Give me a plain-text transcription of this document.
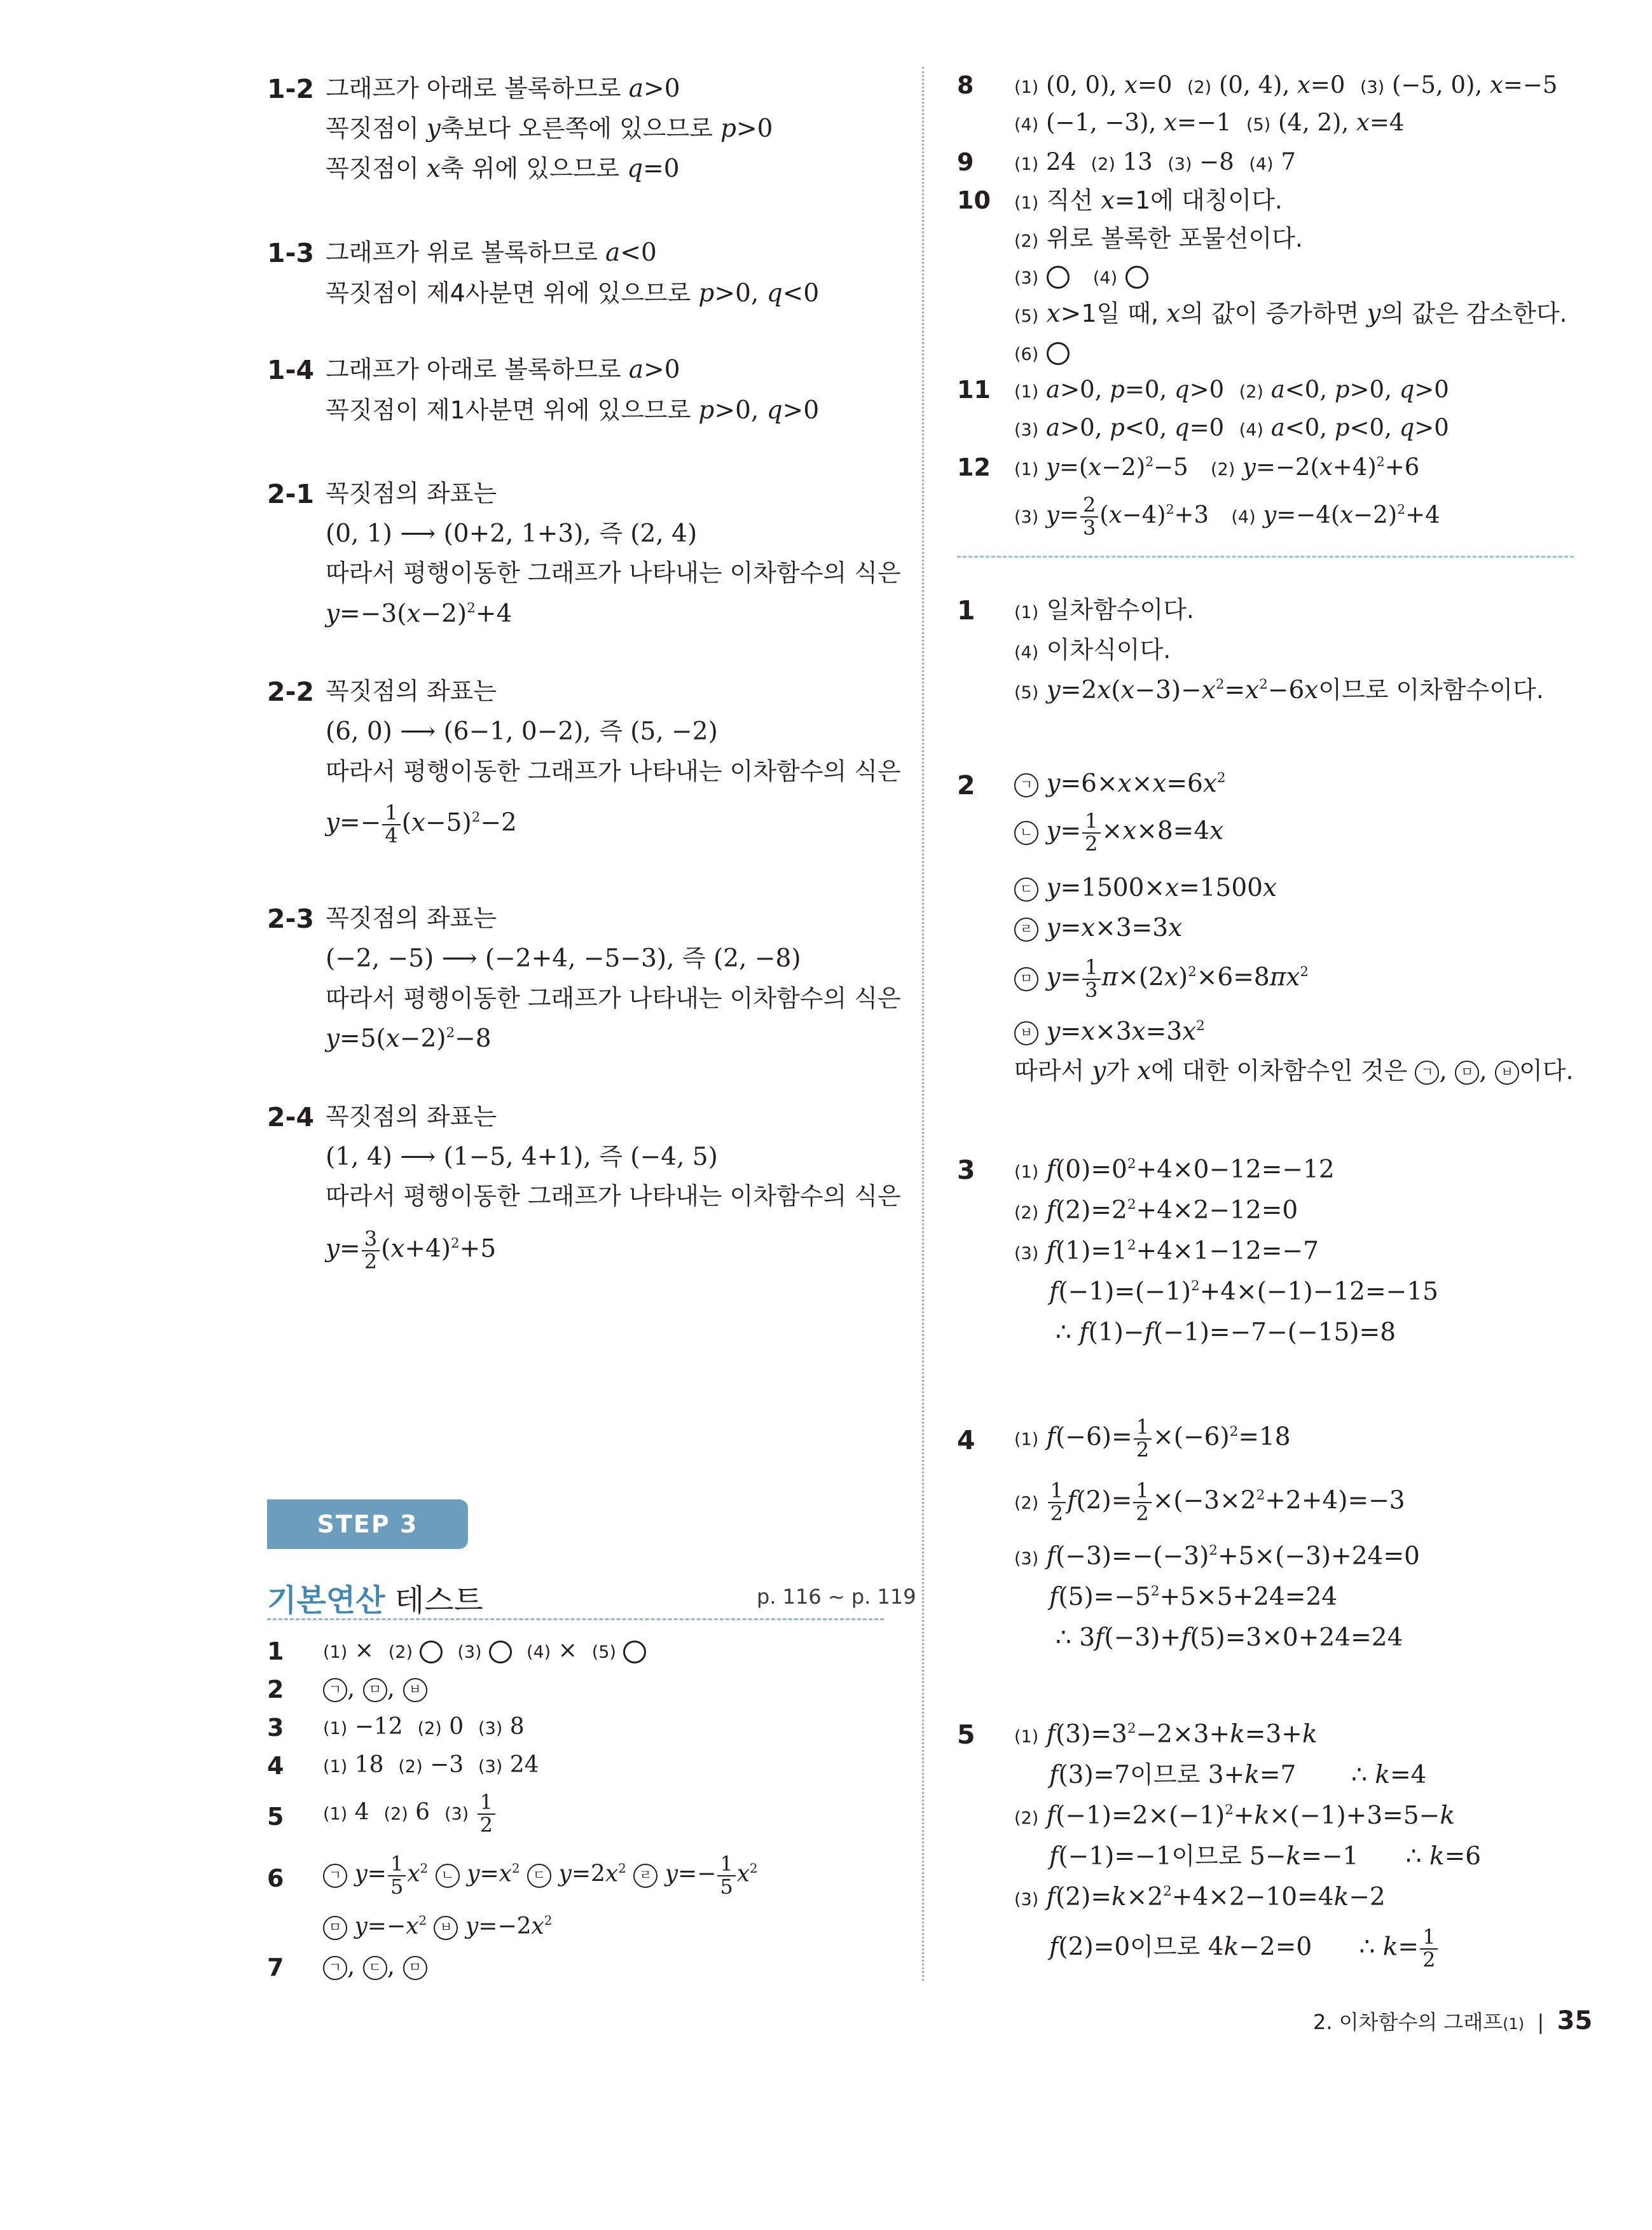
1-2 그래프가 아래로 볼록하므로 a>0
꼭짓점이 y축보다 오른쪽에 있으므로 p>0
꼭짓점이 x축 위에 있으므로 q=0
1-3 그래프가 위로 볼록하므로 a<0
꼭짓점이 제4사분면 위에 있으므로 p>0, q<0
1-4 그래프가 아래로 볼록하므로 a>0
꼭짓점이 제1사분면 위에 있으므로 p>0, q>0
2-1 꼭짓점의 좌표는
(0, 1) ⟶ (0+2, 1+3), 즉 (2, 4)
따라서 평행이동한 그래프가 나타내는 이차함수의 식은
$y=-3(x-2)^2+4$
2-2 꼭짓점의 좌표는
(6, 0) ⟶ (6−1, 0−2), 즉 (5, −2)
따라서 평행이동한 그래프가 나타내는 이차함수의 식은
$y=- \frac{1}{4} (x-5)^2-2$
2-3 꼭짓점의 좌표는
(−2, −5) ⟶ (−2+4, −5−3), 즉 (2, −8)
따라서 평행이동한 그래프가 나타내는 이차함수의 식은
$y=5(x-2)^2-8$
2-4 꼭짓점의 좌표는
(1, 4) ⟶ (1−5, 4+1), 즉 (−4, 5)
따라서 평행이동한 그래프가 나타내는 이차함수의 식은
$y= \frac{3}{2} (x+4)^2+5$
STEP 3
기본연산 테스트	p. 116 ~ p. 119
1 (1) ×  (2)	(3)	(4) ×  (5)
2	ㄱ , ㅁ , ㅂ
3 (1) −12  (2) 0  (3) 8
4 (1) 18  (2) −3  (3) 24
5 (1) 4  (2) 6  $(3) \frac{1}{2}$
6	ㄱ $y= \frac{1}{5} x^2$ ㄴ $y=x^2$ ㄷ $y=2x^2$ ㄹ $y=- \frac{1}{5} x^2$
ㅁ $y=-x^2$ ㅂ $y=-2x^2$
7	ㄱ , ㄷ , ㅁ
8 (1) (0, 0), x=0  (2) (0, 4), x=0  (3) (−5, 0), x=−5
(4) (−1, −3), x=−1  (5) (4, 2), x=4
9 (1) 24  (2) 13  (3) −8  (4) 7
10 (1) 직선 x=1에 대칭이다.
(2) 위로 볼록한 포물선이다.
(3)	(4)
(5) x>1일 때, x의 값이 증가하면 y의 값은 감소한다.
(6)
11 (1) a>0, p=0, q>0  (2) a<0, p>0, q>0
(3) a>0, p<0, q=0  (4) a<0, p<0, q>0
12 (1) $y=(x-2)^2-5$   (2) $y=-2(x+4)^2+6$
(3) $y= \frac{2}{3} (x-4)^2+3$   (4) $y=-4(x-2)^2+4$
1 (1) 일차함수이다.
(4) 이차식이다.
(5) $y=2x(x-3)-x^2=x^2-6x$이므로 이차함수이다.
2	ㄱ $y=6\times x\times x=6x^2$
ㄴ $y= \frac{1}{2} \times x\times 8=4x$
ㄷ y=1500×x=1500x
ㄹ y=x×3=3x
ㅁ $y= \frac{1}{3} \pi\times(2x)^2\times 6=8\pi x^2$
ㅂ $y=x\times 3x=3x^2$
따라서 y가 x에 대한 이차함수인 것은 ㄱ , ㅁ , ㅂ 이다.
3 (1) $f(0)=0^2+4\times 0-12=-12$
(2) $f(2)=2^2+4\times 2-12=0$
(3) $f(1)=1^2+4\times 1-12=-7$
$f(-1)=(-1)^2+4\times(-1)-12=-15$
∴ f(1)−f(−1)=−7−(−15)=8
4 (1) $f(-6)= \frac{1}{2} \times(-6)^2=18$
$(2) \frac{1}{2} f(2)= \frac{1}{2} \times(-3\times 2^2+2+4)=-3$
(3) $f(-3)=-(-3)^2+5\times(-3)+24=0$
$f(5)=-5^2+5\times 5+24=24$
∴ 3f(−3)+f(5)=3×0+24=24
5 (1) $f(3)=3^2-2\times 3+k=3+k$
f(3)=7이므로 3+k=7       ∴ k=4
(2) $f(-1)=2\times(-1)^2+k\times(-1)+3=5-k$
f(−1)=−1이므로 5−k=−1      ∴ k=6
(3) $f(2)=k\times 2^2+4\times 2-10=4k-2$
f(2)=0이므로 4k−2=0      ∴ $k= \frac{1}{2}$
2. 이차함수의 그래프(1)  |  35
